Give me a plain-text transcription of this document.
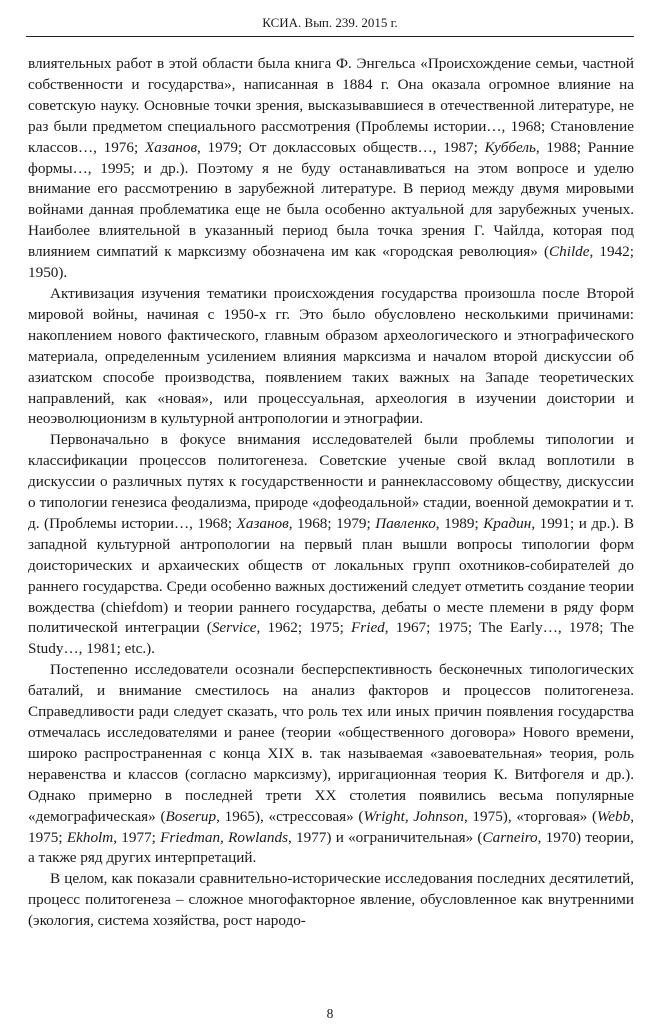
КСИА. Вып. 239. 2015 г.

влиятельных работ в этой области была книга Ф. Энгельса «Происхождение семьи, частной собственности и государства», написанная в 1884 г. Она оказала огромное влияние на советскую науку. Основные точки зрения, высказывавшиеся в отечественной литературе, не раз были предметом специального рассмотрения (Проблемы истории…, 1968; Становление классов…, 1976; Хазанов, 1979; От доклассовых обществ…, 1987; Куббель, 1988; Ранние формы…, 1995; и др.). Поэтому я не буду останавливаться на этом вопросе и уделю внимание его рассмотрению в зарубежной литературе. В период между двумя мировыми войнами данная проблематика еще не была особенно актуальной для зарубежных ученых. Наиболее влиятельной в указанный период была точка зрения Г. Чайлда, которая под влиянием симпатий к марксизму обозначена им как «городская революция» (Childe, 1942; 1950).

Активизация изучения тематики происхождения государства произошла после Второй мировой войны, начиная с 1950-х гг. Это было обусловлено несколькими причинами: накоплением нового фактического, главным образом археологического и этнографического материала, определенным усилением влияния марксизма и началом второй дискуссии об азиатском способе производства, появлением таких важных на Западе теоретических направлений, как «новая», или процессуальная, археология в изучении доистории и неоэволюционизм в культурной антропологии и этнографии.

Первоначально в фокусе внимания исследователей были проблемы типологии и классификации процессов политогенеза. Советские ученые свой вклад воплотили в дискуссии о различных путях к государственности и раннеклассовому обществу, дискуссии о типологии генезиса феодализма, природе «дофеодальной» стадии, военной демократии и т. д. (Проблемы истории…, 1968; Хазанов, 1968; 1979; Павленко, 1989; Крадин, 1991; и др.). В западной культурной антропологии на первый план вышли вопросы типологии форм доисторических и архаических обществ от локальных групп охотников-собирателей до раннего государства. Среди особенно важных достижений следует отметить создание теории вождества (chiefdom) и теории раннего государства, дебаты о месте племени в ряду форм политической интеграции (Service, 1962; 1975; Fried, 1967; 1975; The Early…, 1978; The Study…, 1981; etc.).

Постепенно исследователи осознали бесперспективность бесконечных типологических баталий, и внимание сместилось на анализ факторов и процессов политогенеза. Справедливости ради следует сказать, что роль тех или иных причин появления государства отмечалась исследователями и ранее (теории «общественного договора» Нового времени, широко распространенная с конца XIX в. так называемая «завоевательная» теория, роль неравенства и классов (согласно марксизму), ирригационная теория К. Витфогеля и др.). Однако примерно в последней трети XX столетия появились весьма популярные «демографическая» (Boserup, 1965), «стрессовая» (Wright, Johnson, 1975), «торговая» (Webb, 1975; Ekholm, 1977; Friedman, Rowlands, 1977) и «ограничительная» (Carneiro, 1970) теории, а также ряд других интерпретаций.

В целом, как показали сравнительно-исторические исследования последних десятилетий, процесс политогенеза – сложное многофакторное явление, обусловленное как внутренними (экология, система хозяйства, рост народо-

8
